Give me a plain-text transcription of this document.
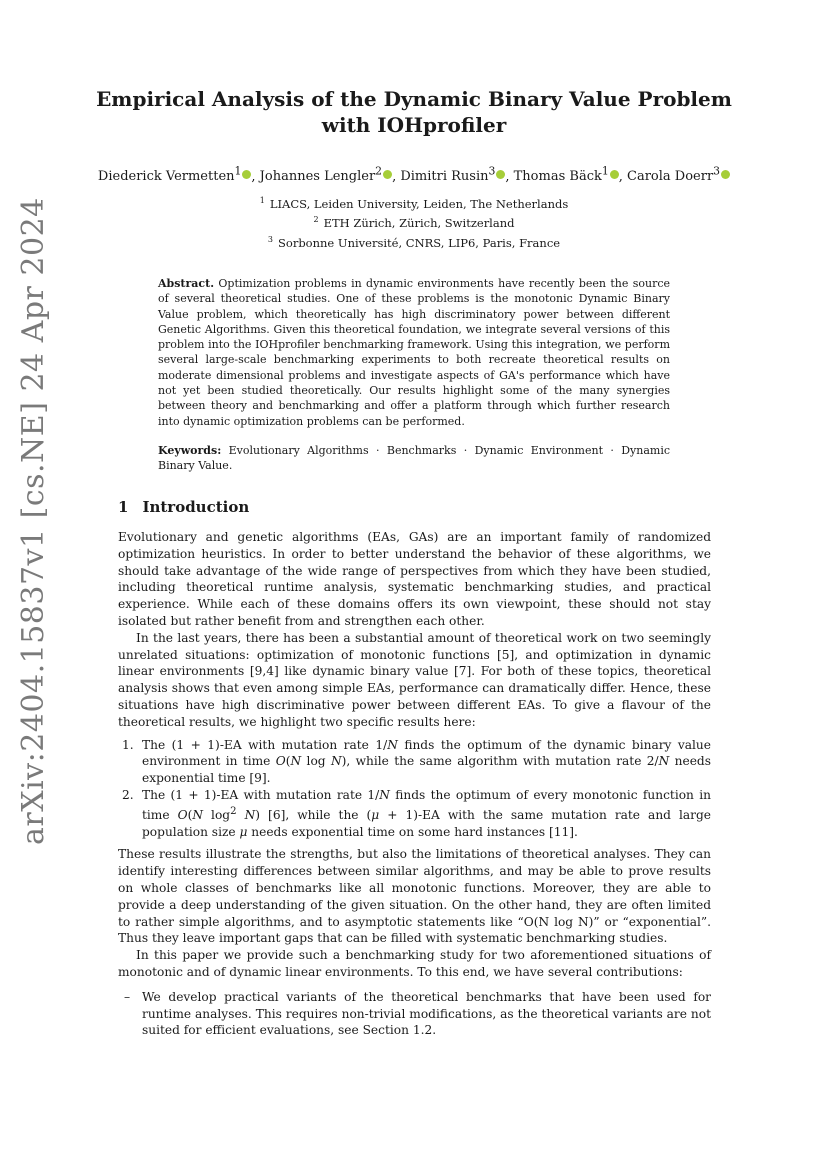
arXiv:2404.15837v1 [cs.NE] 24 Apr 2024
Empirical Analysis of the Dynamic Binary Value Problem
with IOHprofiler
Diederick Vermetten$^1$ , Johannes Lengler$^2$ , Dimitri Rusin$^3$ , Thomas Bäck$^1$ , Carola Doerr$^3$
$^1$ LIACS, Leiden University, Leiden, The Netherlands
$^2$ ETH Zürich, Zürich, Switzerland
$^3$ Sorbonne Université, CNRS, LIP6, Paris, France
Abstract. Optimization problems in dynamic environments have recently been the source of several theoretical studies. One of these problems is the monotonic Dynamic Binary Value problem, which theoretically has high discriminatory power between different Genetic Algorithms. Given this theoretical foundation, we integrate several versions of this problem into the IOHprofiler benchmarking framework. Using this integration, we perform several large-scale benchmarking experiments to both recreate theoretical results on moderate dimensional problems and investigate aspects of GA's performance which have not yet been studied theoretically. Our results highlight some of the many synergies between theory and benchmarking and offer a platform through which further research into dynamic optimization problems can be performed.
Keywords: Evolutionary Algorithms · Benchmarks · Dynamic Environment · Dynamic Binary Value.
1 Introduction

Evolutionary and genetic algorithms (EAs, GAs) are an important family of randomized optimization heuristics. In order to better understand the behavior of these algorithms, we should take advantage of the wide range of perspectives from which they have been studied, including theoretical runtime analysis, systematic benchmarking studies, and practical experience. While each of these domains offers its own viewpoint, these should not stay isolated but rather benefit from and strengthen each other.

In the last years, there has been a substantial amount of theoretical work on two seemingly unrelated situations: optimization of monotonic functions [5], and optimization in dynamic linear environments [9,4] like dynamic binary value [7]. For both of these topics, theoretical analysis shows that even among simple EAs, performance can dramatically differ. Hence, these situations have high discriminative power between different EAs. To give a flavour of the theoretical results, we highlight two specific results here:

1. The (1 + 1)-EA with mutation rate 1/N finds the optimum of the dynamic binary value environment in time O(N log N), while the same algorithm with mutation rate 2/N needs exponential time [9].
2. The (1 + 1)-EA with mutation rate 1/N finds the optimum of every monotonic function in time O(N $\log^2 N$) [6], while the (μ + 1)-EA with the same mutation rate and large population size μ needs exponential time on some hard instances [11].

These results illustrate the strengths, but also the limitations of theoretical analyses. They can identify interesting differences between similar algorithms, and may be able to prove results on whole classes of benchmarks like all monotonic functions. Moreover, they are able to provide a deep understanding of the given situation. On the other hand, they are often limited to rather simple algorithms, and to asymptotic statements like “O(N log N)” or “exponential”. Thus they leave important gaps that can be filled with systematic benchmarking studies.

In this paper we provide such a benchmarking study for two aforementioned situations of monotonic and of dynamic linear environments. To this end, we have several contributions:

– We develop practical variants of the theoretical benchmarks that have been used for runtime analyses. This requires non-trivial modifications, as the theoretical variants are not suited for efficient evaluations, see Section 1.2.
